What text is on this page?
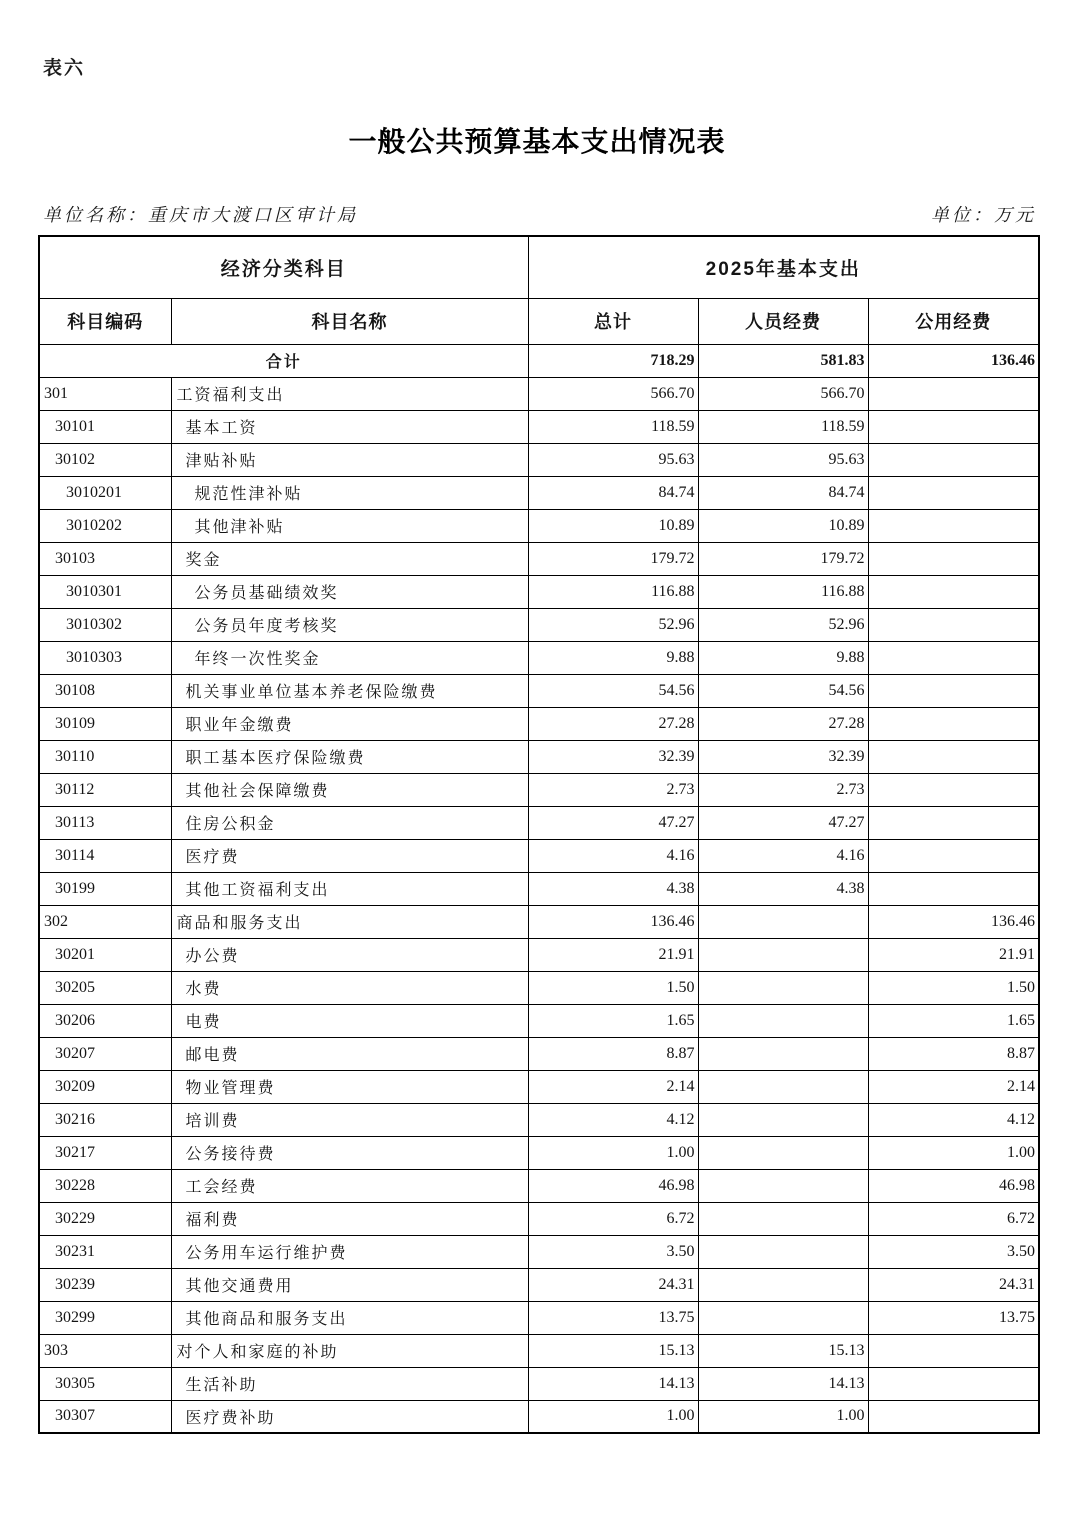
表六
一般公共预算基本支出情况表
单位名称：重庆市大渡口区审计局	单位：万元
经济分类科目		2025年基本支出		
科目编码	科目名称	总计	人员经费	公用经费
合计		718.29	581.83	136.46
301	工资福利支出	566.70	566.70	
30101	基本工资	118.59	118.59	
30102	津贴补贴	95.63	95.63	
3010201	规范性津补贴	84.74	84.74	
3010202	其他津补贴	10.89	10.89	
30103	奖金	179.72	179.72	
3010301	公务员基础绩效奖	116.88	116.88	
3010302	公务员年度考核奖	52.96	52.96	
3010303	年终一次性奖金	9.88	9.88	
30108	机关事业单位基本养老保险缴费	54.56	54.56	
30109	职业年金缴费	27.28	27.28	
30110	职工基本医疗保险缴费	32.39	32.39	
30112	其他社会保障缴费	2.73	2.73	
30113	住房公积金	47.27	47.27	
30114	医疗费	4.16	4.16	
30199	其他工资福利支出	4.38	4.38	
302	商品和服务支出	136.46		136.46
30201	办公费	21.91		21.91
30205	水费	1.50		1.50
30206	电费	1.65		1.65
30207	邮电费	8.87		8.87
30209	物业管理费	2.14		2.14
30216	培训费	4.12		4.12
30217	公务接待费	1.00		1.00
30228	工会经费	46.98		46.98
30229	福利费	6.72		6.72
30231	公务用车运行维护费	3.50		3.50
30239	其他交通费用	24.31		24.31
30299	其他商品和服务支出	13.75		13.75
303	对个人和家庭的补助	15.13	15.13	
30305	生活补助	14.13	14.13	
30307	医疗费补助	1.00	1.00	
